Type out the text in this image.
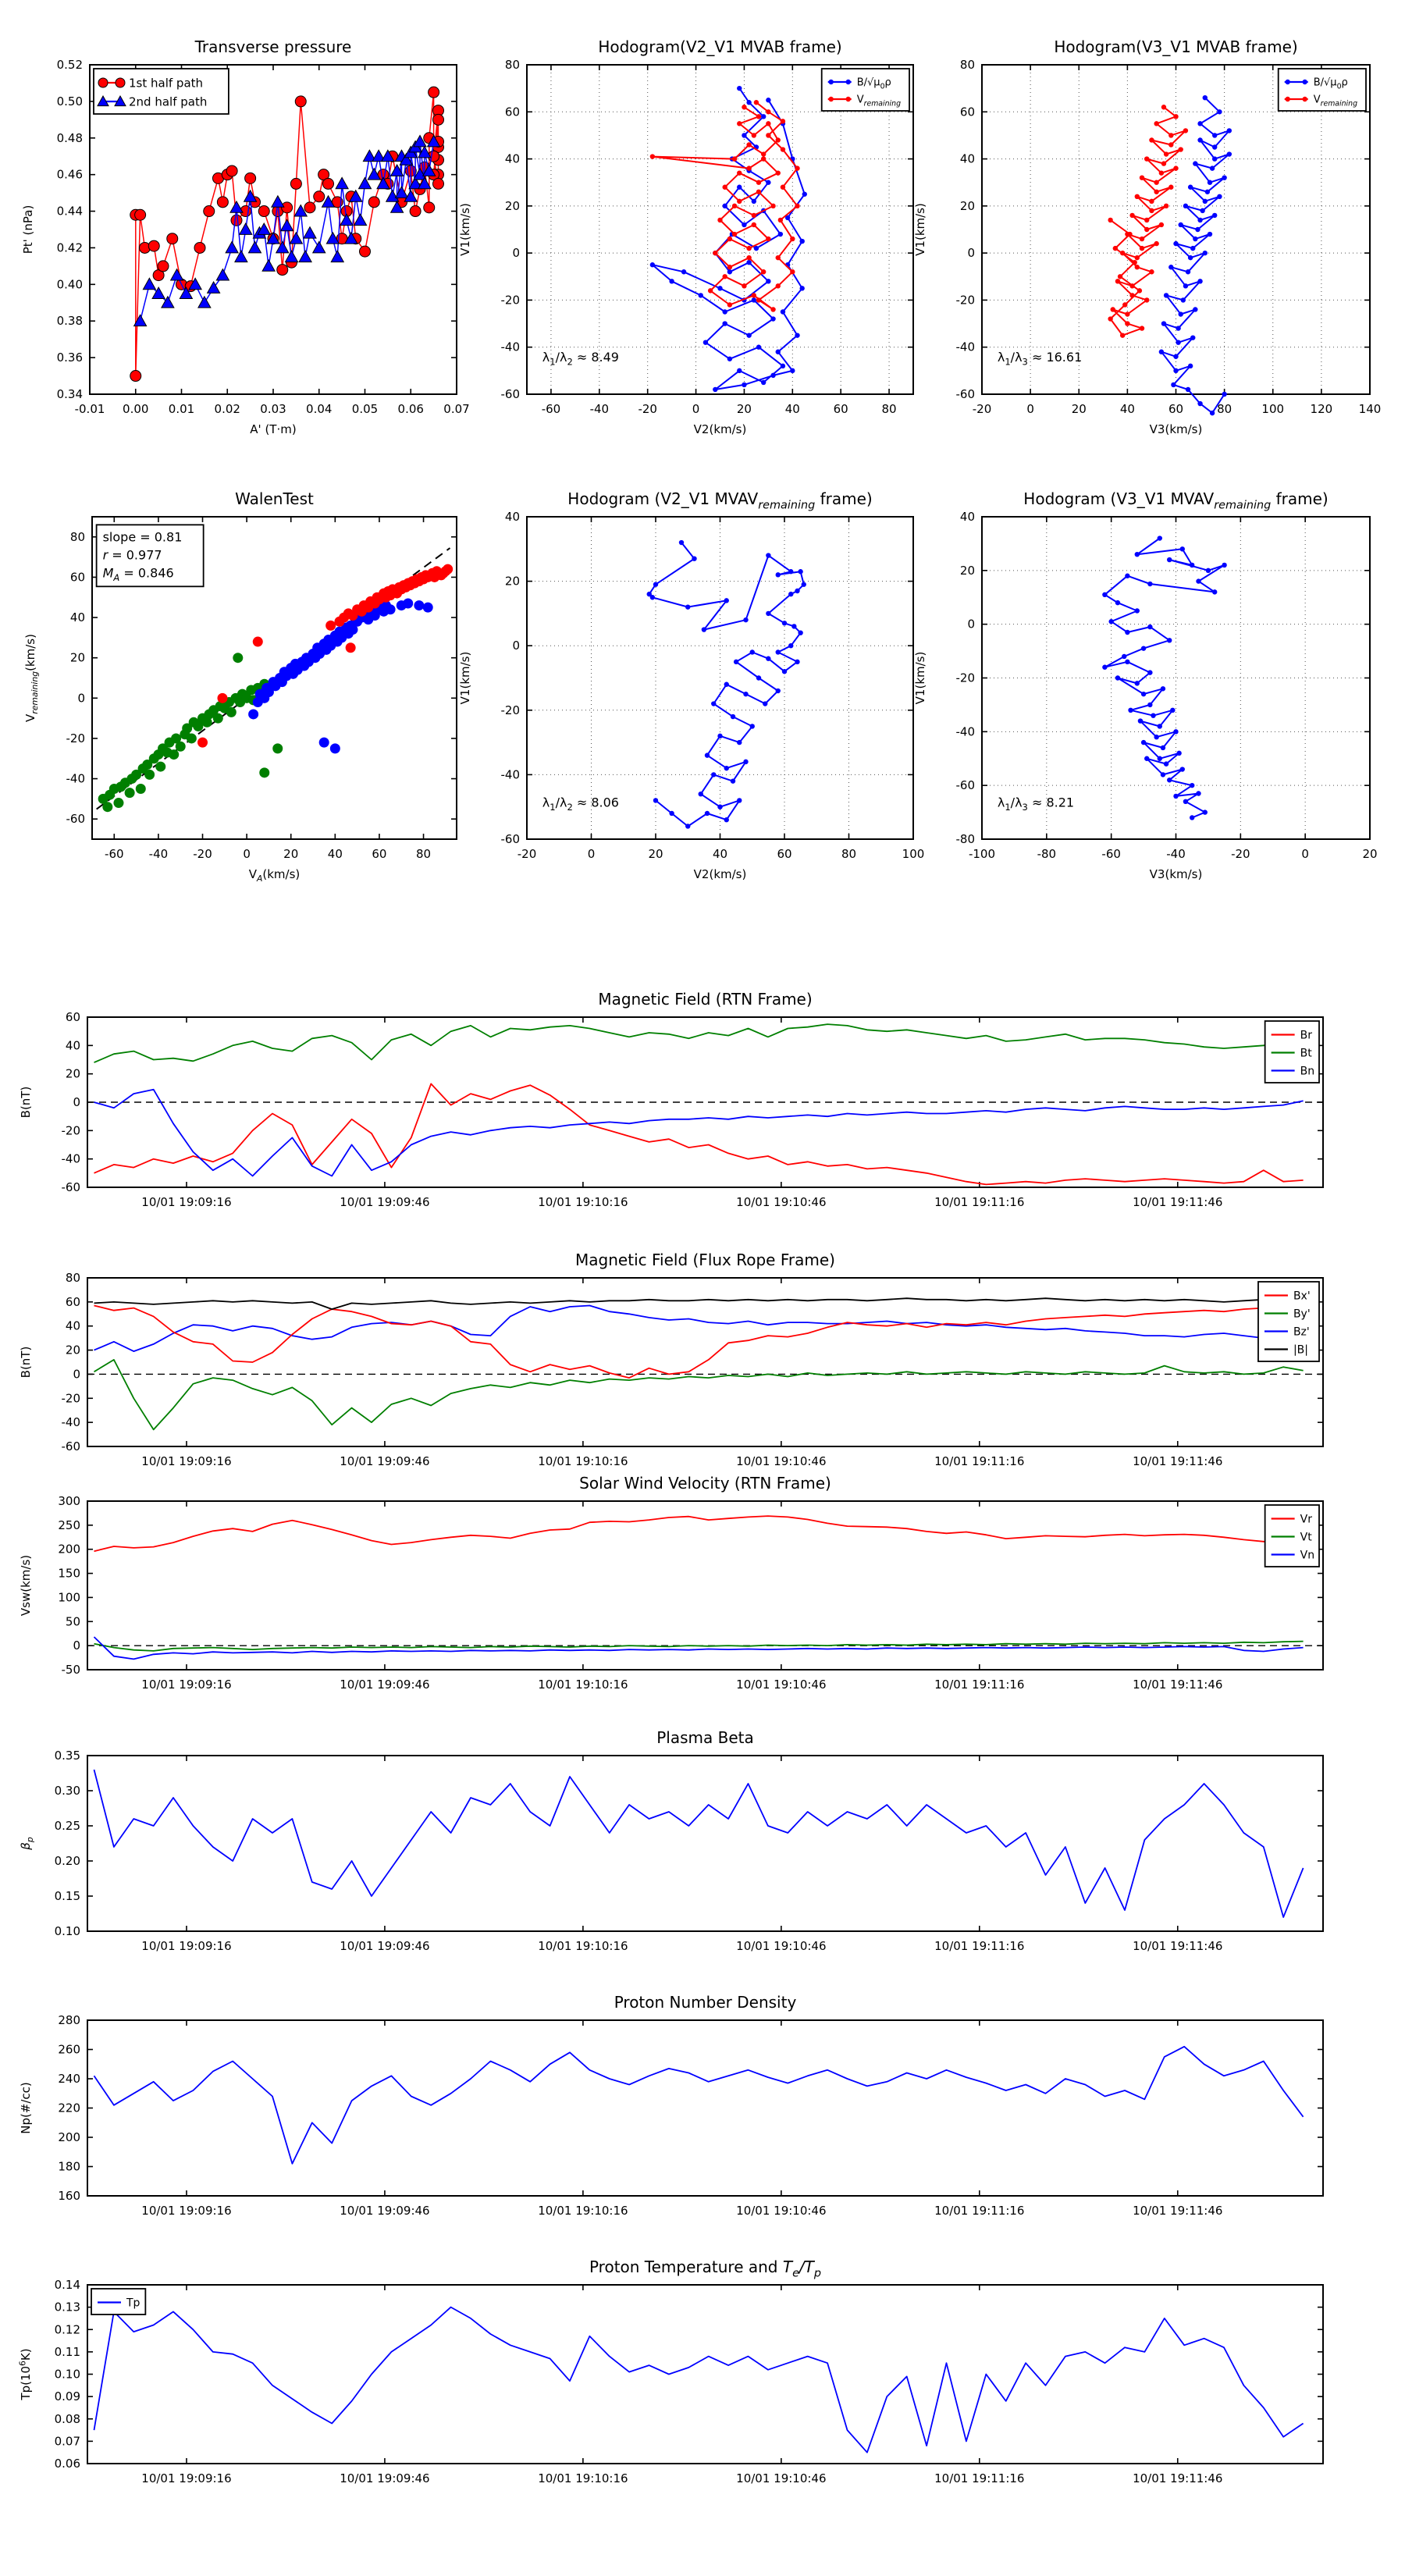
-0.01 0.00 0.01 0.02 0.03 0.04 0.05 0.06 0.07
0.34
0.36
0.38
0.40
0.42
0.44
0.46
0.48
0.50
0.52
Transverse pressure
A' (T·m)
Pt' (nPa)
1st half path
2nd half path
-60 -40 -20	0	20	40	60	80
-60
-40
-20
0
20
40
60
80
Hodogram(V2_V1 MVAB frame)
V2(km/s)
V1(km/s)
$B/√\mu_0\rho$
$V_{remaining}$
$\lambda_1/\lambda_2 \approx 8.49$
-20	0	20	40	60	80	100 120 140
-60
-40
-20
0
20
40
60
80
Hodogram(V3_V1 MVAB frame)
V3(km/s)
V1(km/s)
$B/√\mu_0\rho$
$V_{remaining}$
$\lambda_1/\lambda_3 \approx 16.61$
-60 -40 -20	0	20	40	60	80
-60
-40
-20
0
20
40
60
80
WalenTest
$V_A(km/s)$
$V_{remaining}(km/s)$
slope = 0.81
r = 0.977
$M_A = 0.846$
-20	0	20	40	60	80	100
-60
-40
-20
0
20
40
Hodogram (V2_V1 $MVAV_{remaining}$ frame)
V2(km/s)
V1(km/s)
$\lambda_1/\lambda_2 \approx 8.06$
-100	-80	-60	-40	-20	0	20
-80
-60
-40
-20
0
20
40
Hodogram (V3_V1 $MVAV_{remaining}$ frame)
V3(km/s)
V1(km/s)
$\lambda_1/\lambda_3 \approx 8.21$
10/01 19:09:16	10/01 19:09:46	10/01 19:10:16	10/01 19:10:46	10/01 19:11:16	10/01 19:11:46
-60
-40
-20
0
20
40
60
Magnetic Field (RTN Frame)
B(nT)
Br
Bt
Bn
10/01 19:09:16	10/01 19:09:46	10/01 19:10:16	10/01 19:10:46	10/01 19:11:16	10/01 19:11:46
-60
-40
-20
0
20
40
60
80
Magnetic Field (Flux Rope Frame)
B(nT)
Bx'
By'
Bz'
|B|
10/01 19:09:16	10/01 19:09:46	10/01 19:10:16	10/01 19:10:46	10/01 19:11:16	10/01 19:11:46
-50
0
50
100
150
200
250
300
Solar Wind Velocity (RTN Frame)
Vsw(km/s)
Vr
Vt
Vn
10/01 19:09:16	10/01 19:09:46	10/01 19:10:16	10/01 19:10:46	10/01 19:11:16	10/01 19:11:46
0.10
0.15
0.20
0.25
0.30
0.35
Plasma Beta
$\beta_p$
10/01 19:09:16	10/01 19:09:46	10/01 19:10:16	10/01 19:10:46	10/01 19:11:16	10/01 19:11:46
160
180
200
220
240
260
280
Proton Number Density
Np(#/cc)
10/01 19:09:16	10/01 19:09:46	10/01 19:10:16	10/01 19:10:46	10/01 19:11:16	10/01 19:11:46
0.06
0.07
0.08
0.09
0.10
0.11
0.12
0.13
0.14
Proton Temperature and $T_e/T_p$
$Tp(10^6K)$
Tp
